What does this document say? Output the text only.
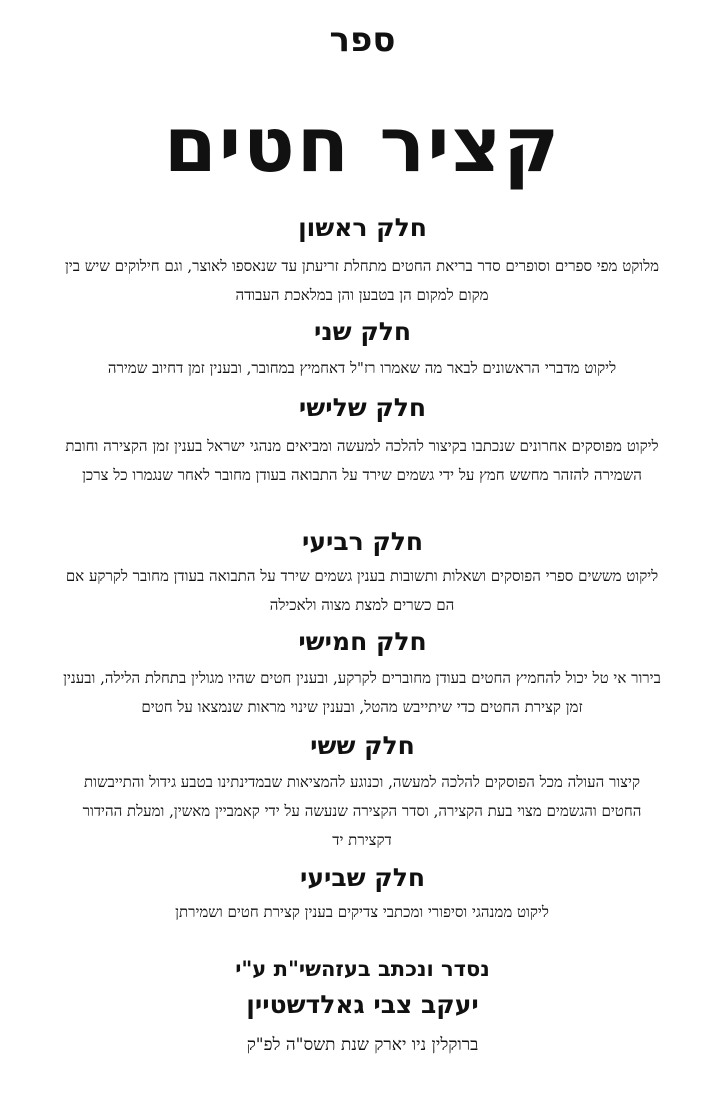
ספר
קציר חטים
חלק ראשון
מלוקט מפי ספרים וסופרים סדר בריאת החטים מתחלת זריעתן עד שנאספו לאוצר, וגם חילוקים שיש בין מקום למקום הן בטבען והן במלאכת העבודה
חלק שני
ליקוט מדברי הראשונים לבאר מה שאמרו רז"ל דאחמיץ במחובר, ובענין זמן דחיוב שמירה
חלק שלישי
ליקוט מפוסקים אחרונים שנכתבו בקיצור להלכה למעשה ומביאים מנהגי ישראל בענין זמן הקצירה וחובת השמירה להזהר מחשש חמץ על ידי גשמים שירד על התבואה בעודן מחובר לאחר שנגמרו כל צרכן
חלק רביעי
ליקוט מששים ספרי הפוסקים ושאלות ותשובות בענין גשמים שירד על התבואה בעודן מחובר לקרקע אם הם כשרים למצת מצוה ולאכילה
חלק חמישי
בירור אי טל יכול להחמיץ החטים בעודן מחוברים לקרקע, ובענין חטים שהיו מגולין בתחלת הלילה, ובענין זמן קצירת החטים כדי שיתייבש מהטל, ובענין שינוי מראות שנמצאו על חטים
חלק ששי
קיצור העולה מכל הפוסקים להלכה למעשה, וכנוגע להמציאות שבמדינתינו בטבע גידול והתייבשות החטים והגשמים מצוי בעת הקצירה, וסדר הקצירה שנעשה על ידי קאמביין מאשין, ומעלת ההידור דקצירת יד
חלק שביעי
ליקוט ממנהגי וסיפורי ומכתבי צדיקים בענין קצירת חטים ושמירתן
נסדר ונכתב בעזהשי"ת ע"י
יעקב צבי גאלדשטיין
ברוקלין ניו יארק שנת תשס"ה לפ"ק
